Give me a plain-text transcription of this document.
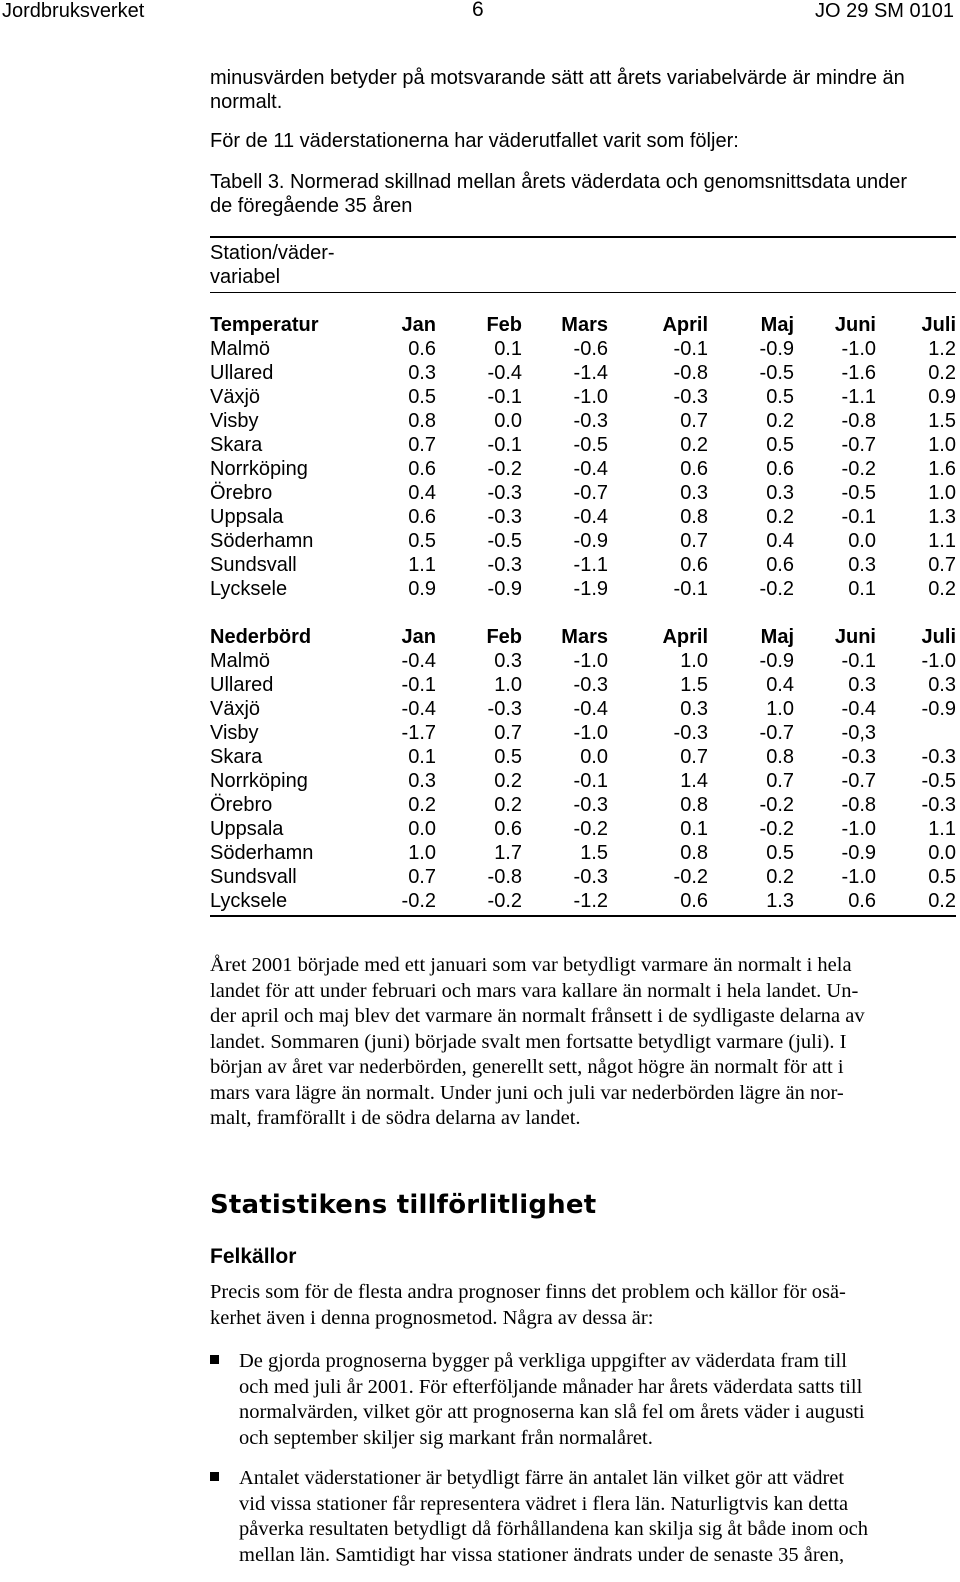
Jordbruksverket	6	JO 29 SM 0101
minusvärden betyder på motsvarande sätt att årets variabelvärde är mindre än
normalt.
För de 11 väderstationerna har väderutfallet varit som följer:
Tabell 3. Normerad skillnad mellan årets väderdata och genomsnittsdata under
de föregående 35 åren
Station/väder-
variabel
Temperatur	Jan	Feb	Mars	April	Maj	Juni	Juli
Malmö	0.6	0.1	-0.6	-0.1	-0.9	-1.0	1.2
Ullared	0.3	-0.4	-1.4	-0.8	-0.5	-1.6	0.2
Växjö	0.5	-0.1	-1.0	-0.3	0.5	-1.1	0.9
Visby	0.8	0.0	-0.3	0.7	0.2	-0.8	1.5
Skara	0.7	-0.1	-0.5	0.2	0.5	-0.7	1.0
Norrköping	0.6	-0.2	-0.4	0.6	0.6	-0.2	1.6
Örebro	0.4	-0.3	-0.7	0.3	0.3	-0.5	1.0
Uppsala	0.6	-0.3	-0.4	0.8	0.2	-0.1	1.3
Söderhamn	0.5	-0.5	-0.9	0.7	0.4	0.0	1.1
Sundsvall	1.1	-0.3	-1.1	0.6	0.6	0.3	0.7
Lycksele	0.9	-0.9	-1.9	-0.1	-0.2	0.1	0.2

Nederbörd	Jan	Feb	Mars	April	Maj	Juni	Juli
Malmö	-0.4	0.3	-1.0	1.0	-0.9	-0.1	-1.0
Ullared	-0.1	1.0	-0.3	1.5	0.4	0.3	0.3
Växjö	-0.4	-0.3	-0.4	0.3	1.0	-0.4	-0.9
Visby	-1.7	0.7	-1.0	-0.3	-0.7	-0,3	
Skara	0.1	0.5	0.0	0.7	0.8	-0.3	-0.3
Norrköping	0.3	0.2	-0.1	1.4	0.7	-0.7	-0.5
Örebro	0.2	0.2	-0.3	0.8	-0.2	-0.8	-0.3
Uppsala	0.0	0.6	-0.2	0.1	-0.2	-1.0	1.1
Söderhamn	1.0	1.7	1.5	0.8	0.5	-0.9	0.0
Sundsvall	0.7	-0.8	-0.3	-0.2	0.2	-1.0	0.5
Lycksele	-0.2	-0.2	-1.2	0.6	1.3	0.6	0.2
Året 2001 började med ett januari som var betydligt varmare än normalt i hela
landet för att under februari och mars vara kallare än normalt i hela landet. Un-
der april och maj blev det varmare än normalt frånsett i de sydligaste delarna av
landet. Sommaren (juni) började svalt men fortsatte betydligt varmare (juli). I
början av året var nederbörden, generellt sett, något högre än normalt för att i
mars vara lägre än normalt. Under juni och juli var nederbörden lägre än nor-
malt, framförallt i de södra delarna av landet.
Statistikens tillförlitlighet
Felkällor
Precis som för de flesta andra prognoser finns det problem och källor för osä-
kerhet även i denna prognosmetod. Några av dessa är:
De gjorda prognoserna bygger på verkliga uppgifter av väderdata fram till
och med juli år 2001. För efterföljande månader har årets väderdata satts till
normalvärden, vilket gör att prognoserna kan slå fel om årets väder i augusti
och september skiljer sig markant från normalåret.
Antalet väderstationer är betydligt färre än antalet län vilket gör att vädret
vid vissa stationer får representera vädret i flera län. Naturligtvis kan detta
påverka resultaten betydligt då förhållandena kan skilja sig åt både inom och
mellan län. Samtidigt har vissa stationer ändrats under de senaste 35 åren,
